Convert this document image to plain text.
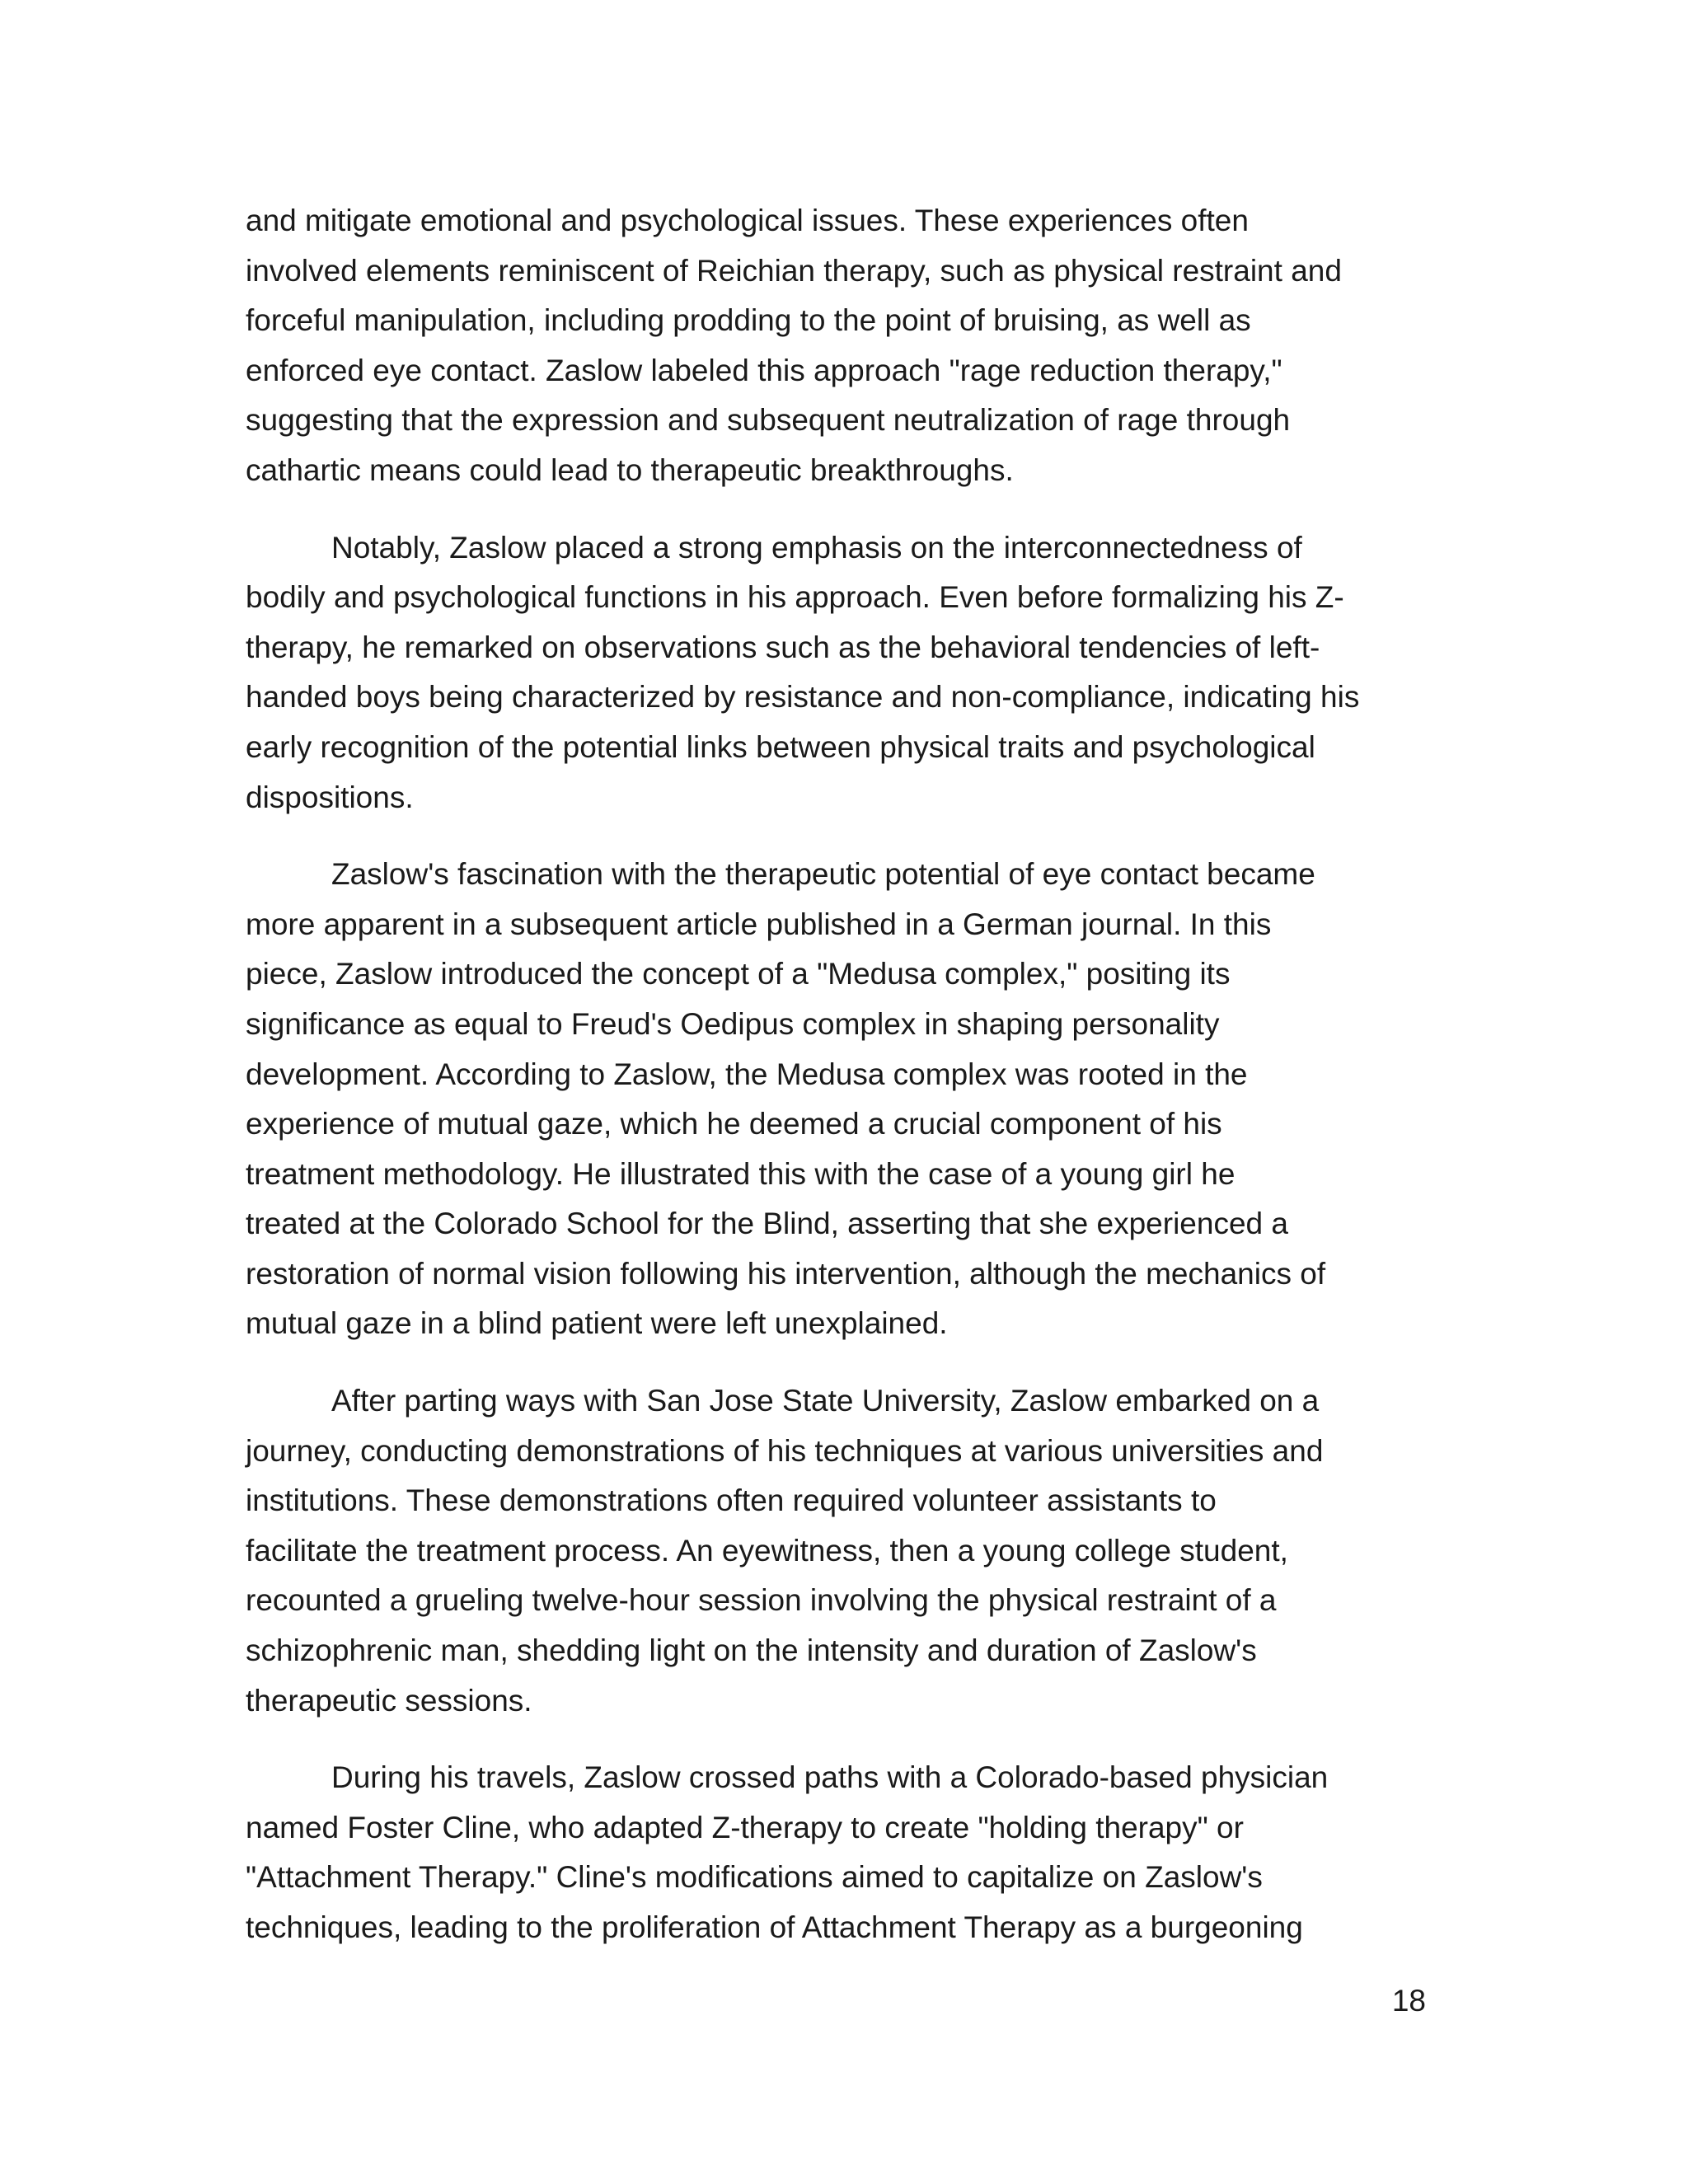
and mitigate emotional and psychological issues. These experiences often
involved elements reminiscent of Reichian therapy, such as physical restraint and
forceful manipulation, including prodding to the point of bruising, as well as
enforced eye contact. Zaslow labeled this approach "rage reduction therapy,"
suggesting that the expression and subsequent neutralization of rage through
cathartic means could lead to therapeutic breakthroughs.
Notably, Zaslow placed a strong emphasis on the interconnectedness of
bodily and psychological functions in his approach. Even before formalizing his Z-
therapy, he remarked on observations such as the behavioral tendencies of left-
handed boys being characterized by resistance and non-compliance, indicating his
early recognition of the potential links between physical traits and psychological
dispositions.
Zaslow's fascination with the therapeutic potential of eye contact became
more apparent in a subsequent article published in a German journal. In this
piece, Zaslow introduced the concept of a "Medusa complex," positing its
significance as equal to Freud's Oedipus complex in shaping personality
development. According to Zaslow, the Medusa complex was rooted in the
experience of mutual gaze, which he deemed a crucial component of his
treatment methodology. He illustrated this with the case of a young girl he
treated at the Colorado School for the Blind, asserting that she experienced a
restoration of normal vision following his intervention, although the mechanics of
mutual gaze in a blind patient were left unexplained.
After parting ways with San Jose State University, Zaslow embarked on a
journey, conducting demonstrations of his techniques at various universities and
institutions. These demonstrations often required volunteer assistants to
facilitate the treatment process. An eyewitness, then a young college student,
recounted a grueling twelve-hour session involving the physical restraint of a
schizophrenic man, shedding light on the intensity and duration of Zaslow's
therapeutic sessions.
During his travels, Zaslow crossed paths with a Colorado-based physician
named Foster Cline, who adapted Z-therapy to create "holding therapy" or
"Attachment Therapy." Cline's modifications aimed to capitalize on Zaslow's
techniques, leading to the proliferation of Attachment Therapy as a burgeoning
18
